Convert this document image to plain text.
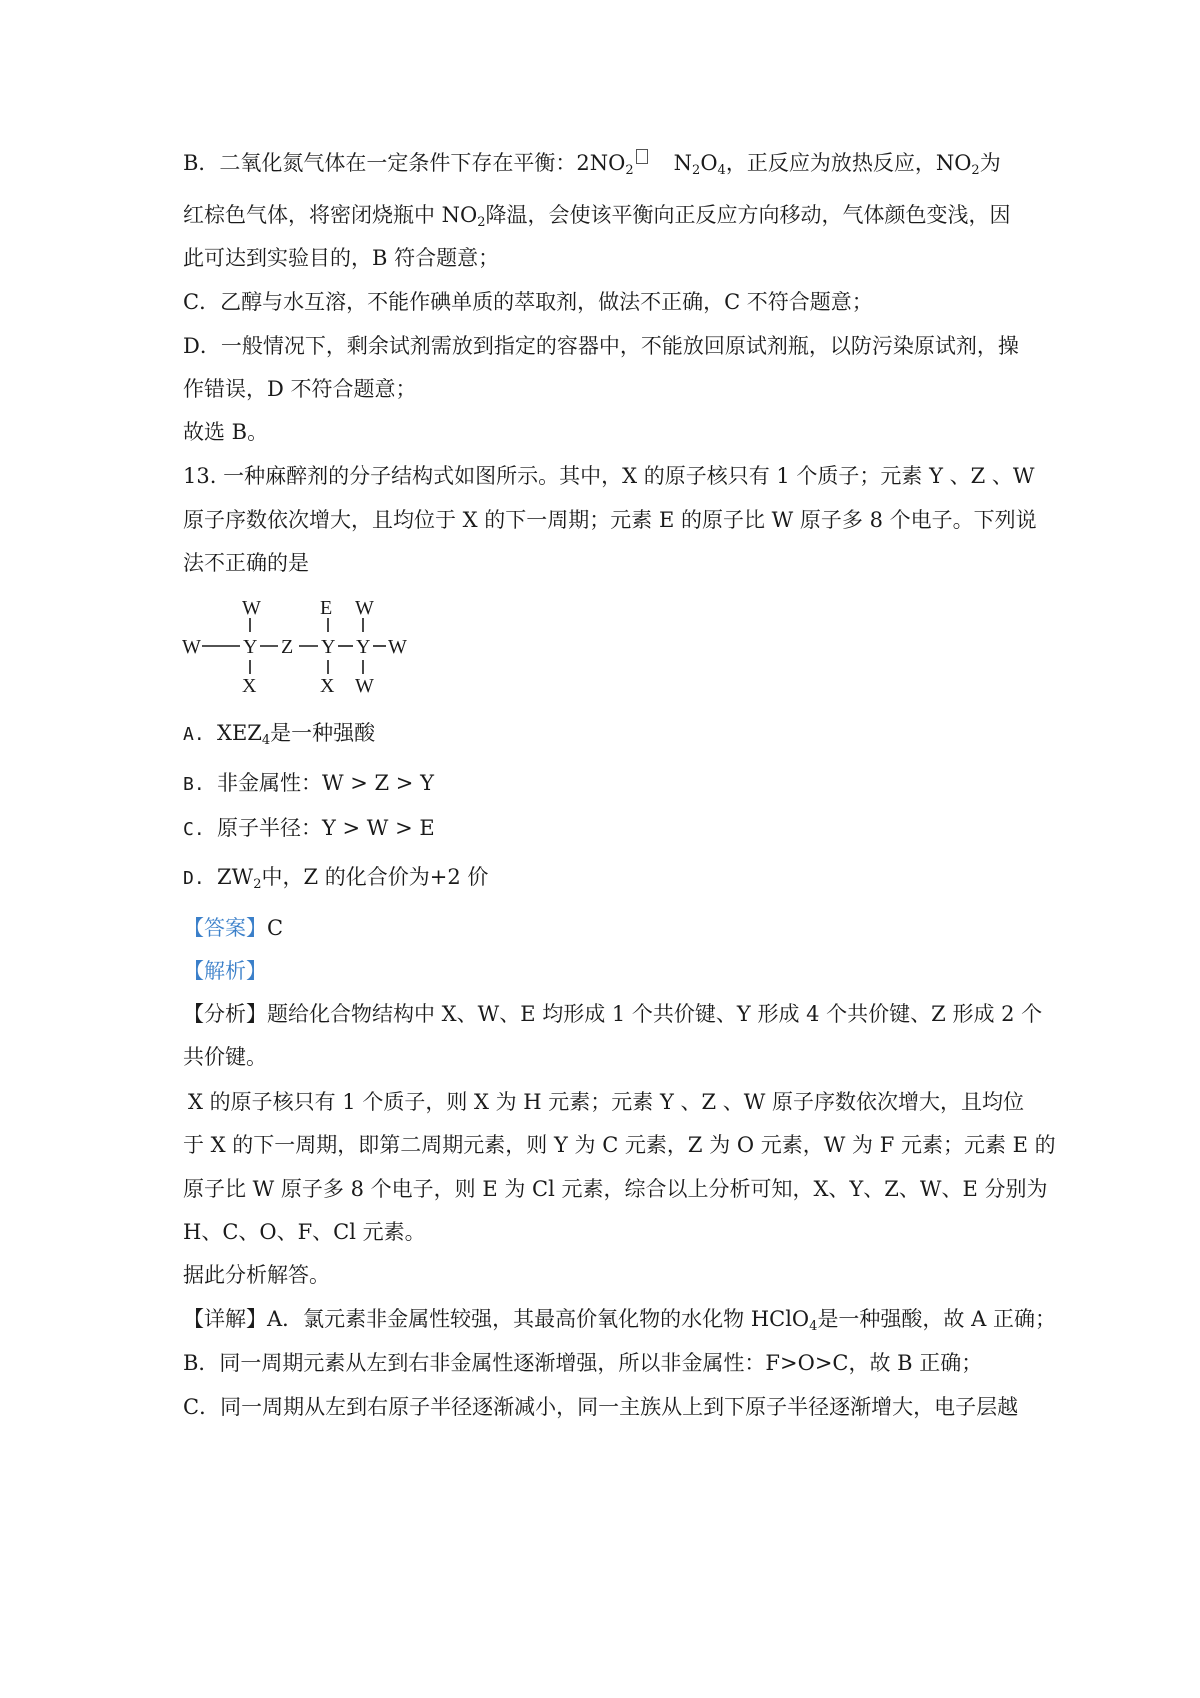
B．二氧化氮气体在一定条件下存在平衡：$2NO_2$ $N_2O_4$，正反应为放热反应，$NO_2$为
红棕色气体，将密闭烧瓶中 $NO_2$降温，会使该平衡向正反应方向移动，气体颜色变浅，因
此可达到实验目的，B 符合题意；
C．乙醇与水互溶，不能作碘单质的萃取剂，做法不正确，C 不符合题意；
D．一般情况下，剩余试剂需放到指定的容器中，不能放回原试剂瓶，以防污染原试剂，操
作错误，D 不符合题意；
故选 B。
13. 一种麻醉剂的分子结构式如图所示。其中，X 的原子核只有 1 个质子；元素 Y 、Z 、W
原子序数依次增大，且均位于 X 的下一周期；元素 E 的原子比 W 原子多 8 个电子。下列说
法不正确的是
W	E W
W Y Z Y Y W
X	X W
A. $XEZ_4$是一种强酸
B. 非金属性：W > Z > Y
C. 原子半径：Y > W > E
D. $ZW_2$中，Z 的化合价为+2 价
【答案】C
【解析】
【分析】题给化合物结构中 X、W、E 均形成 1 个共价键、Y 形成 4 个共价键、Z 形成 2 个
共价键。
X 的原子核只有 1 个质子，则 X 为 H 元素；元素 Y 、Z 、W 原子序数依次增大，且均位
于 X 的下一周期，即第二周期元素，则 Y 为 C 元素，Z 为 O 元素，W 为 F 元素；元素 E 的
原子比 W 原子多 8 个电子，则 E 为 Cl 元素，综合以上分析可知，X、Y、Z、W、E 分别为
H、C、O、F、Cl 元素。
据此分析解答。
【详解】A．氯元素非金属性较强，其最高价氧化物的水化物 HClO$_4$是一种强酸，故 A 正确；
B．同一周期元素从左到右非金属性逐渐增强，所以非金属性：F>O>C，故 B 正确；
C．同一周期从左到右原子半径逐渐减小，同一主族从上到下原子半径逐渐增大，电子层越
